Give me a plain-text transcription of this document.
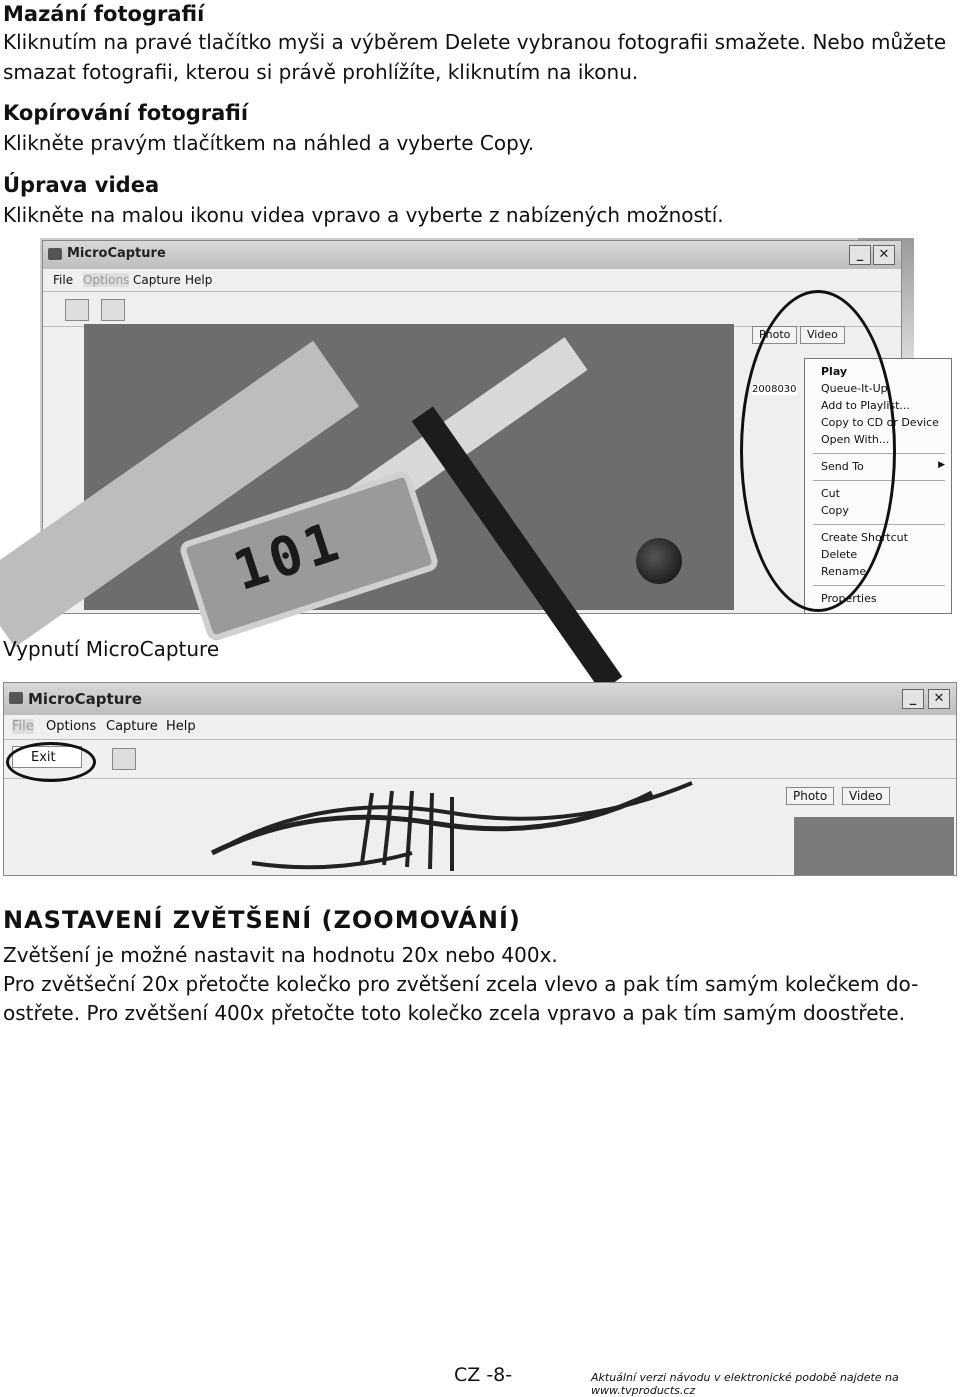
Mazání fotografií
Kliknutím na pravé tlačítko myši a výběrem Delete vybranou fotografii smažete. Nebo můžete
smazat fotografii, kterou si právě prohlížíte, kliknutím na ikonu.
Kopírování fotografií
Klikněte pravým tlačítkem na náhled a vyberte Copy.
Úprava videa
Klikněte na malou ikonu videa vpravo a vyberte z nabízených možností.
MicroCapture	_	✕
File Options Capture Help
101
Photo	Video
2008030
Play
Queue-It-Up
Add to Playlist...
Copy to CD or Device
Open With...
Send To	▶
Cut
Copy
Create Shortcut
Delete
Rename
Properties
Vypnutí MicroCapture
MicroCapture	_	✕
File Options Capture Help
Exit
Photo	Video
NASTAVENÍ ZVĚTŠENÍ (ZOOMOVÁNÍ)
Zvětšení je možné nastavit na hodnotu 20x nebo 400x.
Pro zvětšeční 20x přetočte kolečko pro zvětšení zcela vlevo a pak tím samým kolečkem do-
ostřete. Pro zvětšení 400x přetočte toto kolečko zcela vpravo a pak tím samým doostřete.
CZ -8-	Aktuální verzi návodu v elektronické podobě najdete na www.tvproducts.cz
